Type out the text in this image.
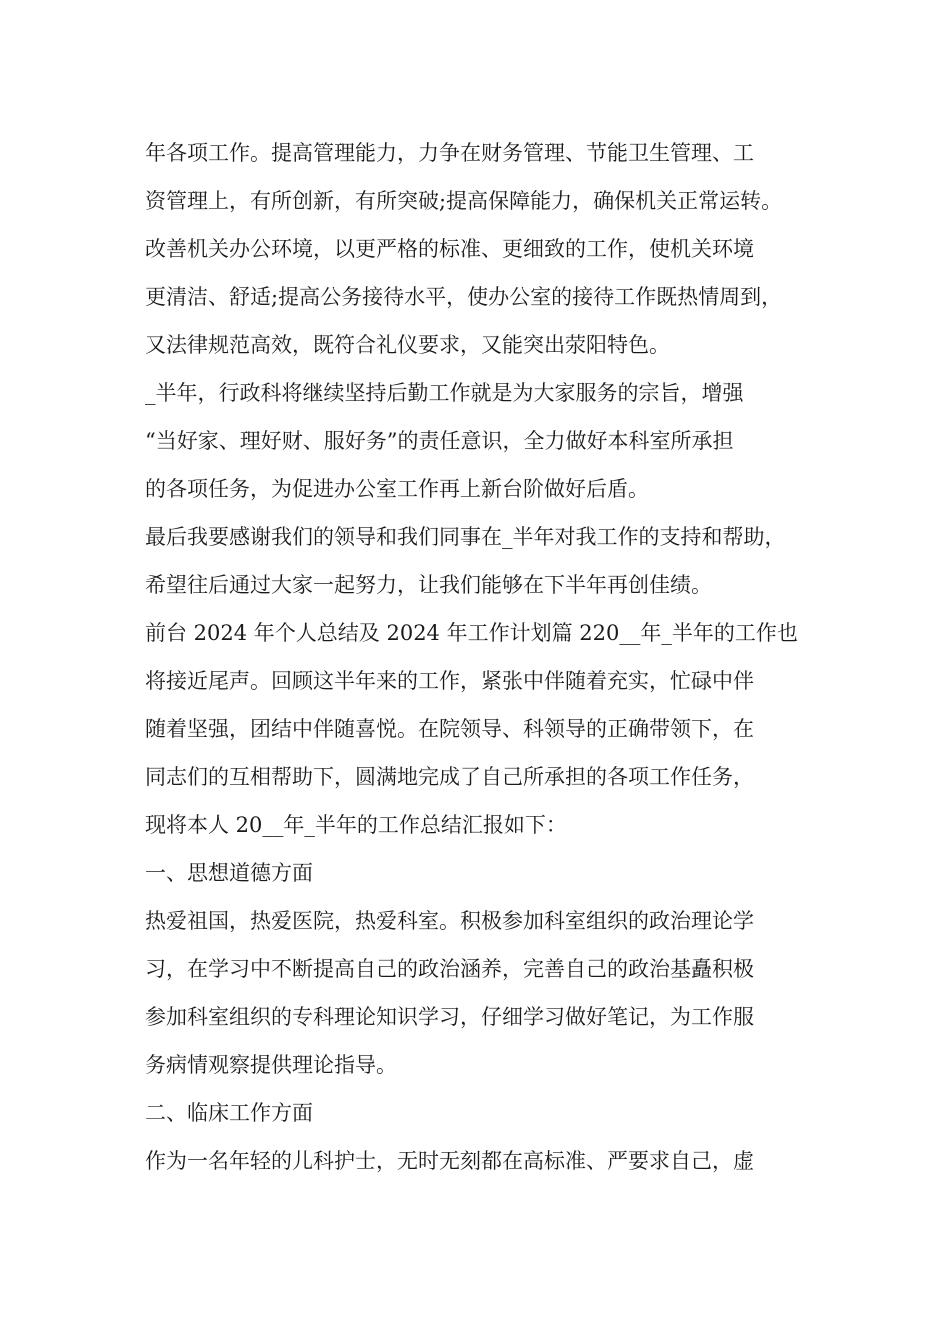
年各项工作。提高管理能力，力争在财务管理、节能卫生管理、工
资管理上，有所创新，有所突破;提高保障能力，确保机关正常运转。
改善机关办公环境，以更严格的标准、更细致的工作，使机关环境
更清洁、舒适;提高公务接待水平，使办公室的接待工作既热情周到，
又法律规范高效，既符合礼仪要求，又能突出荥阳特色。
_半年，行政科将继续坚持后勤工作就是为大家服务的宗旨，增强
“当好家、理好财、服好务”的责任意识，全力做好本科室所承担
的各项任务，为促进办公室工作再上新台阶做好后盾。
最后我要感谢我们的领导和我们同事在_半年对我工作的支持和帮助，
希望往后通过大家一起努力，让我们能够在下半年再创佳绩。
前台 2024 年个人总结及 2024 年工作计划篇 220__年_半年的工作也
将接近尾声。回顾这半年来的工作，紧张中伴随着充实，忙碌中伴
随着坚强，团结中伴随喜悦。在院领导、科领导的正确带领下，在
同志们的互相帮助下，圆满地完成了自己所承担的各项工作任务，
现将本人 20__年_半年的工作总结汇报如下：
一、思想道德方面
热爱祖国，热爱医院，热爱科室。积极参加科室组织的政治理论学
习，在学习中不断提高自己的政治涵养，完善自己的政治基矗积极
参加科室组织的专科理论知识学习，仔细学习做好笔记，为工作服
务病情观察提供理论指导。
二、临床工作方面
作为一名年轻的儿科护士，无时无刻都在高标准、严要求自己，虚
